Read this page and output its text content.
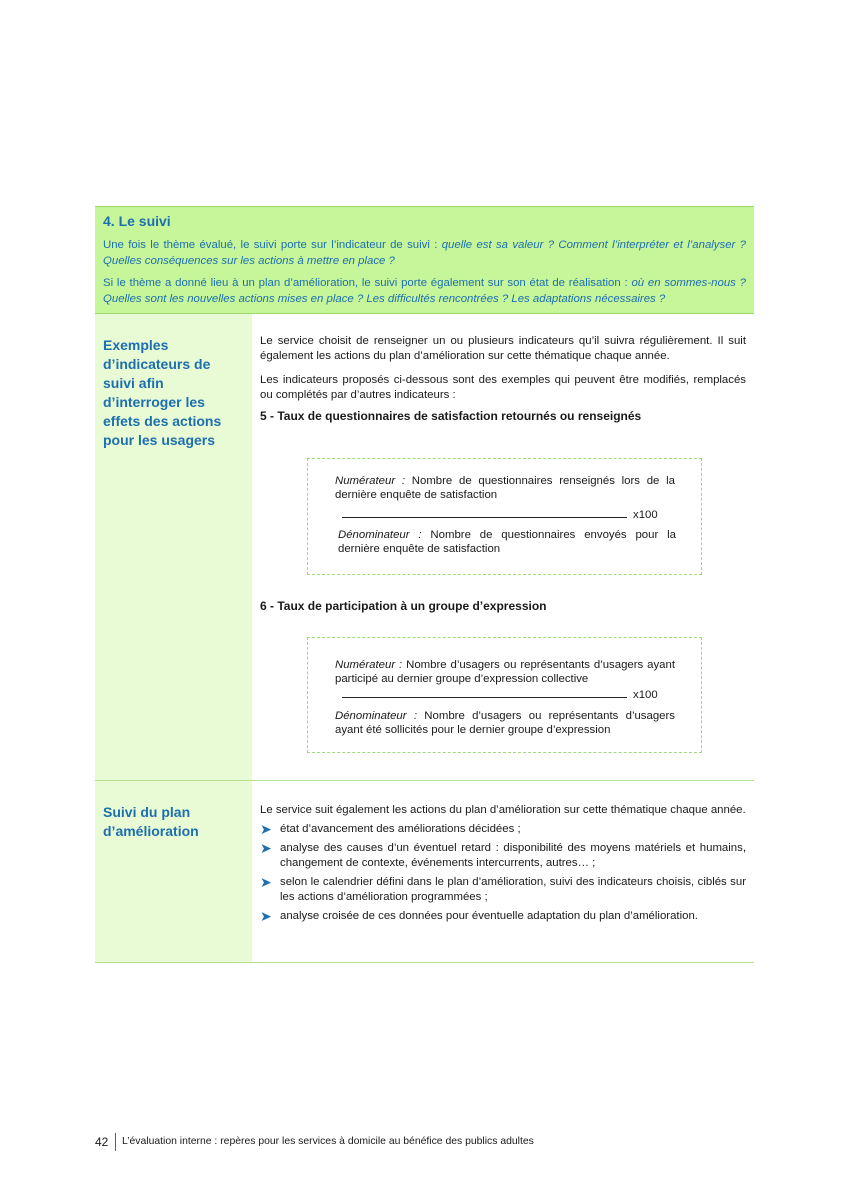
4. Le suivi

Une fois le thème évalué, le suivi porte sur l’indicateur de suivi : quelle est sa valeur ? Comment l’interpréter et l’analyser ? Quelles conséquences sur les actions à mettre en place ?

Si le thème a donné lieu à un plan d’amélioration, le suivi porte également sur son état de réalisation : où en sommes-nous ? Quelles sont les nouvelles actions mises en place ? Les difficultés rencontrées ? Les adaptations nécessaires ?

Exemples d’indicateurs de suivi afin d’interroger les effets des actions pour les usagers

Le service choisit de renseigner un ou plusieurs indicateurs qu’il suivra régulièrement. Il suit également les actions du plan d’amélioration sur cette thématique chaque année.

Les indicateurs proposés ci-dessous sont des exemples qui peuvent être modifiés, remplacés ou complétés par d’autres indicateurs :

5 - Taux de questionnaires de satisfaction retournés ou renseignés

Numérateur : Nombre de questionnaires renseignés lors de la dernière enquête de satisfaction
x100
Dénominateur : Nombre de questionnaires envoyés pour la dernière enquête de satisfaction

6 - Taux de participation à un groupe d’expression

Numérateur : Nombre d’usagers ou représentants d’usagers ayant participé au dernier groupe d’expression collective
x100
Dénominateur : Nombre d’usagers ou représentants d’usagers ayant été sollicités pour le dernier groupe d’expression
Suivi du plan d’amélioration

Le service suit également les actions du plan d’amélioration sur cette thématique chaque année.

➤ état d’avancement des améliorations décidées ;
➤ analyse des causes d’un éventuel retard : disponibilité des moyens matériels et humains, changement de contexte, événements intercurrents, autres… ;
➤ selon le calendrier défini dans le plan d’amélioration, suivi des indicateurs choisis, ciblés sur les actions d’amélioration programmées ;
➤ analyse croisée de ces données pour éventuelle adaptation du plan d’amélioration.
42 L’évaluation interne : repères pour les services à domicile au bénéfice des publics adultes
